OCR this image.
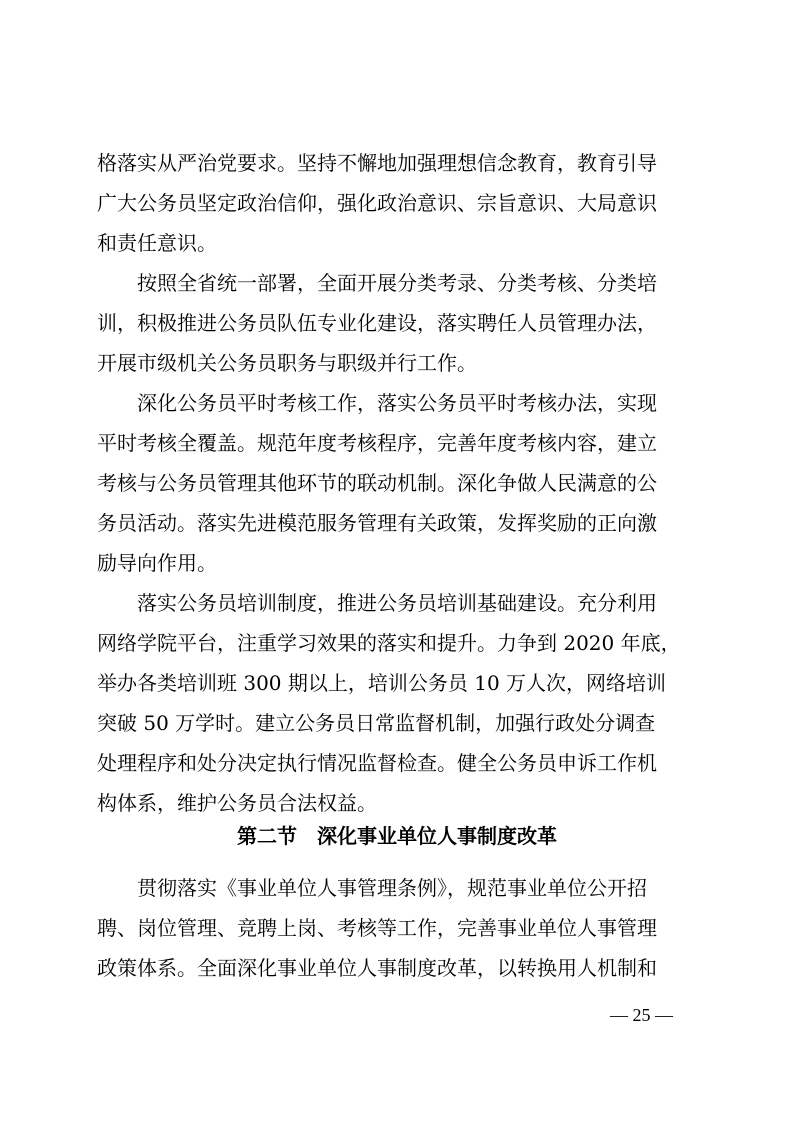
格落实从严治党要求。坚持不懈地加强理想信念教育，教育引导
广大公务员坚定政治信仰，强化政治意识、宗旨意识、大局意识
和责任意识。

按照全省统一部署，全面开展分类考录、分类考核、分类培
训，积极推进公务员队伍专业化建设，落实聘任人员管理办法，
开展市级机关公务员职务与职级并行工作。

深化公务员平时考核工作，落实公务员平时考核办法，实现
平时考核全覆盖。规范年度考核程序，完善年度考核内容，建立
考核与公务员管理其他环节的联动机制。深化争做人民满意的公
务员活动。落实先进模范服务管理有关政策，发挥奖励的正向激
励导向作用。

落实公务员培训制度，推进公务员培训基础建设。充分利用
网络学院平台，注重学习效果的落实和提升。力争到 2020 年底，
举办各类培训班 300 期以上，培训公务员 10 万人次，网络培训
突破 50 万学时。建立公务员日常监督机制，加强行政处分调查
处理程序和处分决定执行情况监督检查。健全公务员申诉工作机
构体系，维护公务员合法权益。

第二节 深化事业单位人事制度改革

贯彻落实《事业单位人事管理条例》，规范事业单位公开招
聘、岗位管理、竞聘上岗、考核等工作，完善事业单位人事管理
政策体系。全面深化事业单位人事制度改革，以转换用人机制和

— 25 —
